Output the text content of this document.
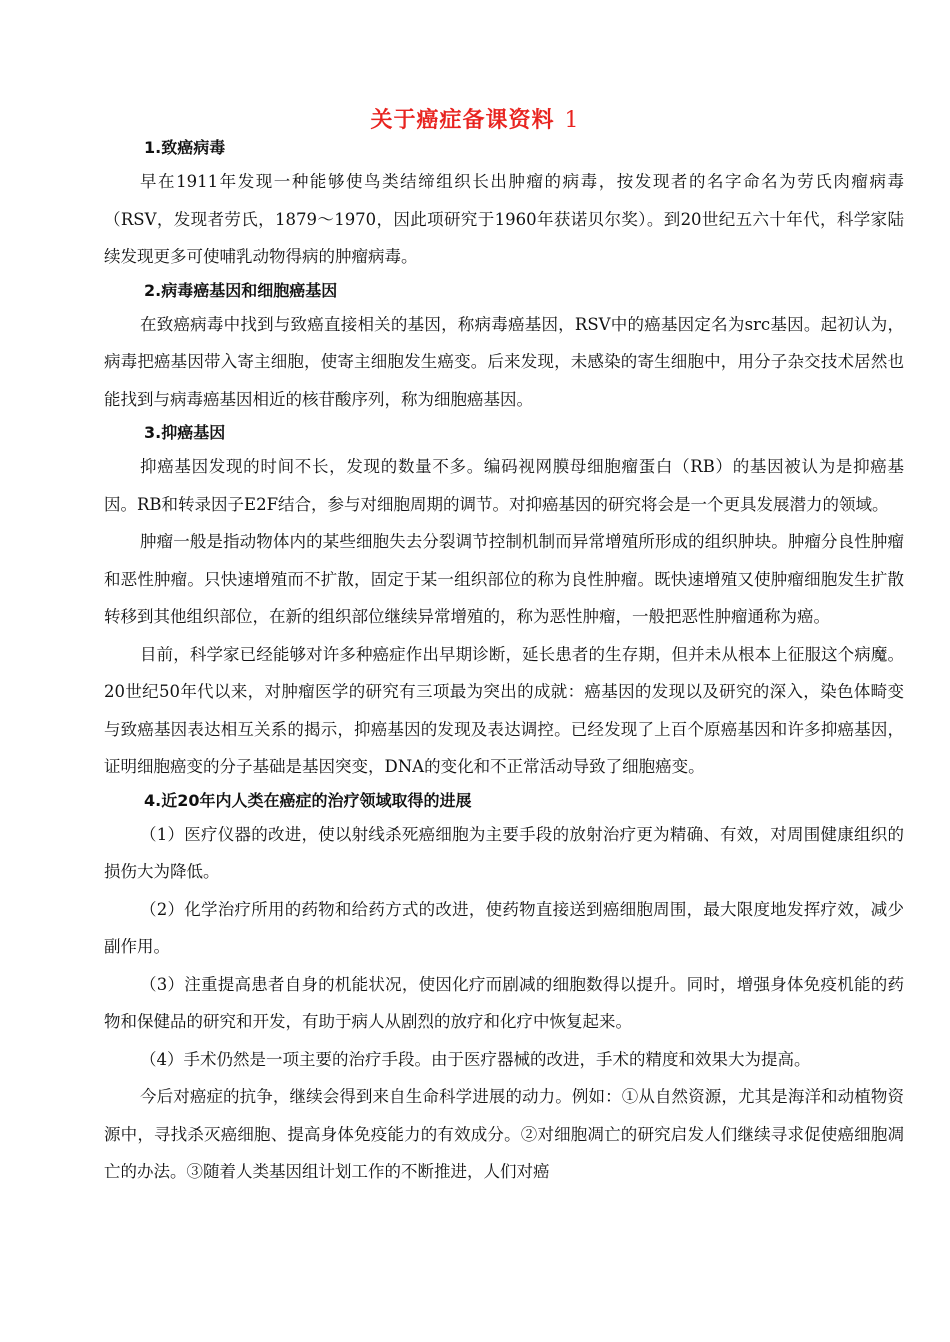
关于癌症备课资料 1

1.致癌病毒

早在1911年发现一种能够使鸟类结缔组织长出肿瘤的病毒，按发现者的名字命名为劳氏肉瘤病毒（RSV，发现者劳氏，1879～1970，因此项研究于1960年获诺贝尔奖）。到20世纪五六十年代，科学家陆续发现更多可使哺乳动物得病的肿瘤病毒。

2.病毒癌基因和细胞癌基因

在致癌病毒中找到与致癌直接相关的基因，称病毒癌基因，RSV中的癌基因定名为src基因。起初认为，病毒把癌基因带入寄主细胞，使寄主细胞发生癌变。后来发现，未感染的寄生细胞中，用分子杂交技术居然也能找到与病毒癌基因相近的核苷酸序列，称为细胞癌基因。

3.抑癌基因

抑癌基因发现的时间不长，发现的数量不多。编码视网膜母细胞瘤蛋白（RB）的基因被认为是抑癌基因。RB和转录因子E2F结合，参与对细胞周期的调节。对抑癌基因的研究将会是一个更具发展潜力的领域。

肿瘤一般是指动物体内的某些细胞失去分裂调节控制机制而异常增殖所形成的组织肿块。肿瘤分良性肿瘤和恶性肿瘤。只快速增殖而不扩散，固定于某一组织部位的称为良性肿瘤。既快速增殖又使肿瘤细胞发生扩散转移到其他组织部位，在新的组织部位继续异常增殖的，称为恶性肿瘤，一般把恶性肿瘤通称为癌。

目前，科学家已经能够对许多种癌症作出早期诊断，延长患者的生存期，但并未从根本上征服这个病魔。20世纪50年代以来，对肿瘤医学的研究有三项最为突出的成就：癌基因的发现以及研究的深入，染色体畸变与致癌基因表达相互关系的揭示，抑癌基因的发现及表达调控。已经发现了上百个原癌基因和许多抑癌基因，证明细胞癌变的分子基础是基因突变，DNA的变化和不正常活动导致了细胞癌变。

4.近20年内人类在癌症的治疗领域取得的进展

（1）医疗仪器的改进，使以射线杀死癌细胞为主要手段的放射治疗更为精确、有效，对周围健康组织的损伤大为降低。

（2）化学治疗所用的药物和给药方式的改进，使药物直接送到癌细胞周围，最大限度地发挥疗效，减少副作用。

（3）注重提高患者自身的机能状况，使因化疗而剧减的细胞数得以提升。同时，增强身体免疫机能的药物和保健品的研究和开发，有助于病人从剧烈的放疗和化疗中恢复起来。

（4）手术仍然是一项主要的治疗手段。由于医疗器械的改进，手术的精度和效果大为提高。

今后对癌症的抗争，继续会得到来自生命科学进展的动力。例如：①从自然资源，尤其是海洋和动植物资源中，寻找杀灭癌细胞、提高身体免疫能力的有效成分。②对细胞凋亡的研究启发人们继续寻求促使癌细胞凋亡的办法。③随着人类基因组计划工作的不断推进，人们对癌
